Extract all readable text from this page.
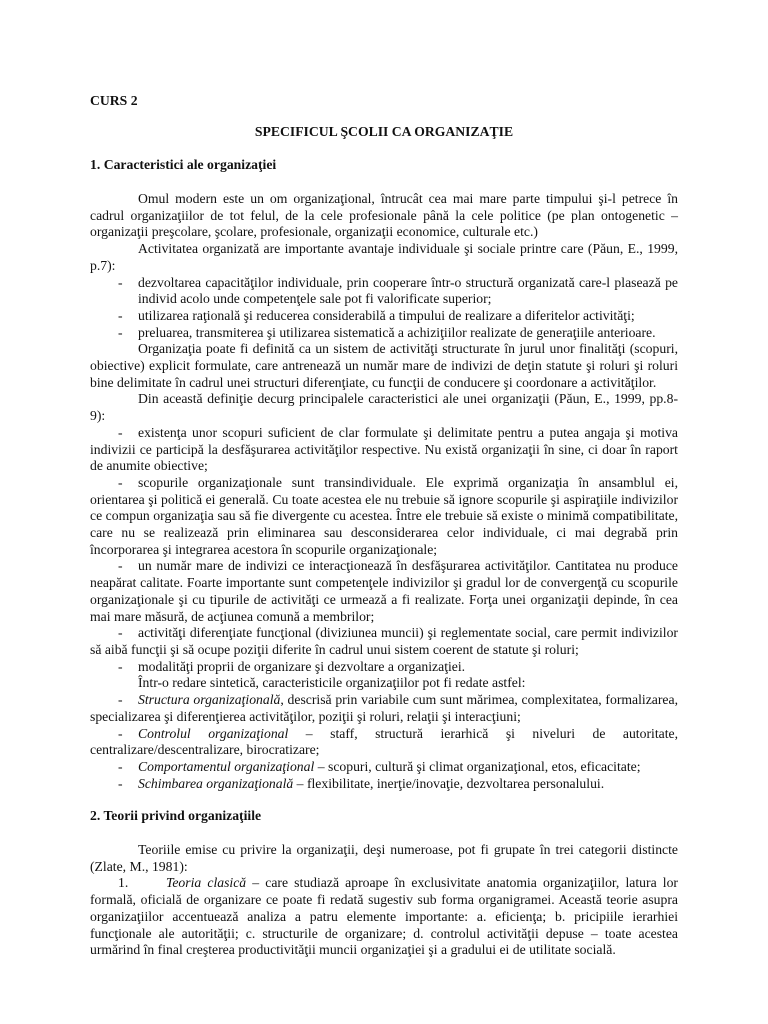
CURS 2
SPECIFICUL ŞCOLII CA ORGANIZAŢIE
1. Caracteristici ale organizaţiei

Omul modern este un om organizaţional, întrucât cea mai mare parte timpului şi-l petrece în cadrul organizaţiilor de tot felul, de la cele profesionale până la cele politice (pe plan ontogenetic – organizaţii preşcolare, şcolare, profesionale, organizaţii economice, culturale etc.)

Activitatea organizată are importante avantaje individuale şi sociale printre care (Păun, E., 1999, p.7):

- dezvoltarea capacităţilor individuale, prin cooperare într-o structură organizată care-l plasează pe individ acolo unde competenţele sale pot fi valorificate superior;

- utilizarea raţională şi reducerea considerabilă a timpului de realizare a diferitelor activităţi;

- preluarea, transmiterea şi utilizarea sistematică a achiziţiilor realizate de generaţiile anterioare.

Organizaţia poate fi definită ca un sistem de activităţi structurate în jurul unor finalităţi (scopuri, obiective) explicit formulate, care antrenează un număr mare de indivizi de deţin statute şi roluri şi roluri bine delimitate în cadrul unei structuri diferenţiate, cu funcţii de conducere şi coordonare a activităţilor.

Din această definiţie decurg principalele caracteristici ale unei organizaţii (Păun, E., 1999, pp.8-9):

- existenţa unor scopuri suficient de clar formulate şi delimitate pentru a putea angaja şi motiva indivizii ce participă la desfăşurarea activităţilor respective. Nu există organizaţii în sine, ci doar în raport de anumite obiective;

- scopurile organizaţionale sunt transindividuale. Ele exprimă organizaţia în ansamblul ei, orientarea şi politică ei generală. Cu toate acestea ele nu trebuie să ignore scopurile şi aspiraţiile indivizilor ce compun organizaţia sau să fie divergente cu acestea. Între ele trebuie să existe o minimă compatibilitate, care nu se realizează prin eliminarea sau desconsiderarea celor individuale, ci mai degrabă prin încorporarea şi integrarea acestora în scopurile organizaţionale;

- un număr mare de indivizi ce interacţionează în desfăşurarea activităţilor. Cantitatea nu produce neapărat calitate. Foarte importante sunt competenţele indivizilor şi gradul lor de convergenţă cu scopurile organizaţionale şi cu tipurile de activităţi ce urmează a fi realizate. Forţa unei organizaţii depinde, în cea mai mare măsură, de acţiunea comună a membrilor;

- activităţi diferenţiate funcţional (diviziunea muncii) şi reglementate social, care permit indivizilor să aibă funcţii şi să ocupe poziţii diferite în cadrul unui sistem coerent de statute şi roluri;

- modalităţi proprii de organizare şi dezvoltare a organizaţiei.

Într-o redare sintetică, caracteristicile organizaţiilor pot fi redate astfel:

- Structura organizaţională, descrisă prin variabile cum sunt mărimea, complexitatea, formalizarea, specializarea şi diferenţierea activităţilor, poziţii şi roluri, relaţii şi interacţiuni;

- Controlul organizaţional – staff, structură ierarhică şi niveluri de autoritate, centralizare/descentralizare, birocratizare;

- Comportamentul organizaţional – scopuri, cultură şi climat organizaţional, etos, eficacitate;

- Schimbarea organizaţională – flexibilitate, inerţie/inovaţie, dezvoltarea personalului.

2. Teorii privind organizaţiile

Teoriile emise cu privire la organizaţii, deşi numeroase, pot fi grupate în trei categorii distincte (Zlate, M., 1981):

1.	Teoria clasică – care studiază aproape în exclusivitate anatomia organizaţiilor, latura lor formală, oficială de organizare ce poate fi redată sugestiv sub forma organigramei. Această teorie asupra organizaţiilor accentuează analiza a patru elemente importante: a. eficienţa; b. pricipiile ierarhiei funcţionale ale autorităţii; c. structurile de organizare; d. controlul activităţii depuse – toate acestea urmărind în final creşterea productivităţii muncii organizaţiei şi a gradului ei de utilitate socială.
